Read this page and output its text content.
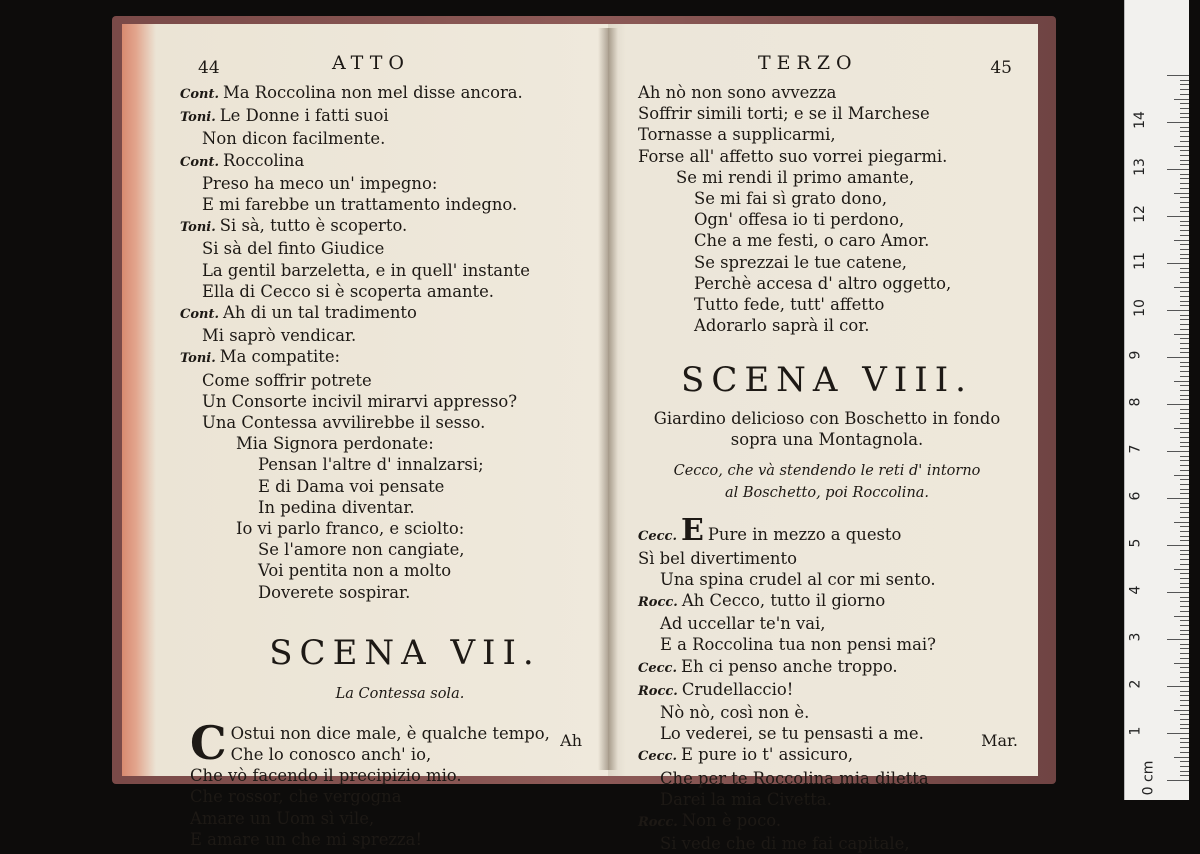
44	ATTO
Cont. Ma Roccolina non mel disse ancora.
Toni. Le Donne i fatti suoi
Non dicon facilmente.
Cont. Roccolina
Preso ha meco un' impegno:
E mi farebbe un trattamento indegno.
Toni. Si sà, tutto è scoperto.
Si sà del finto Giudice
La gentil barzeletta, e in quell' instante
Ella di Cecco si è scoperta amante.
Cont. Ah di un tal tradimento
Mi saprò vendicar.
Toni. Ma compatite:
Come soffrir potrete
Un Consorte incivil mirarvi appresso?
Una Contessa avvilirebbe il sesso.
Mia Signora perdonate:
Pensan l'altre d' innalzarsi;
E di Dama voi pensate
In pedina diventar.
Io vi parlo franco, e sciolto:
Se l'amore non cangiate,
Voi pentita non a molto
Doverete sospirar.
SCENA VII.
La Contessa sola.
C Ostui non dice male, è qualche tempo,
Che lo conosco anch' io,
Che vò facendo il precipizio mio.
Che rossor, che vergogna
Amare un Uom sì vile,
E amare un che mi sprezza!
Ah
TERZO	45
Ah nò non sono avvezza
Soffrir simili torti; e se il Marchese
Tornasse a supplicarmi,
Forse all' affetto suo vorrei piegarmi.
Se mi rendi il primo amante,
Se mi fai sì grato dono,
Ogn' offesa io ti perdono,
Che a me festi, o caro Amor.
Se sprezzai le tue catene,
Perchè accesa d' altro oggetto,
Tutto fede, tutt' affetto
Adorarlo saprà il cor.
SCENA VIII.
Giardino delicioso con Boschetto in fondo
sopra una Montagnola.
Cecco, che và stendendo le reti d' intorno
al Boschetto, poi Roccolina.
Cecc. E Pure in mezzo a questo
Sì bel divertimento
Una spina crudel al cor mi sento.
Rocc. Ah Cecco, tutto il giorno
Ad uccellar te'n vai,
E a Roccolina tua non pensi mai?
Cecc. Eh ci penso anche troppo.
Rocc. Crudellaccio!
Nò nò, così non è.
Lo vederei, se tu pensasti a me.
Cecc. E pure io t' assicuro,
Che per te Roccolina mia diletta
Darei la mia Civetta.
Rocc. Non è poco.
Si vede che di me fai capitale,
Mar.
0 cm
1
2
3
4
5
6
7
8
9
10
11
12
13
14
